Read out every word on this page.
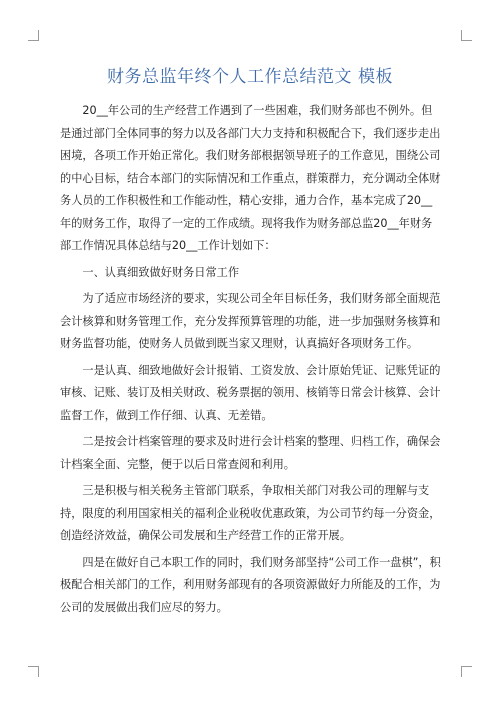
财务总监年终个人工作总结范文 模板

20__年公司的生产经营工作遇到了一些困难，我们财务部也不例外。但是通过部门全体同事的努力以及各部门大力支持和积极配合下，我们逐步走出困境，各项工作开始正常化。我们财务部根据领导班子的工作意见，围绕公司的中心目标，结合本部门的实际情况和工作重点，群策群力，充分调动全体财务人员的工作积极性和工作能动性，精心安排，通力合作，基本完成了20__年的财务工作，取得了一定的工作成绩。现将我作为财务部总监20__年财务部工作情况具体总结与20__工作计划如下：

一、认真细致做好财务日常工作

为了适应市场经济的要求，实现公司全年目标任务，我们财务部全面规范会计核算和财务管理工作，充分发挥预算管理的功能，进一步加强财务核算和财务监督功能，使财务人员做到既当家又理财，认真搞好各项财务工作。

一是认真、细致地做好会计报销、工资发放、会计原始凭证、记账凭证的审核、记账、装订及相关财政、税务票据的领用、核销等日常会计核算、会计监督工作，做到工作仔细、认真、无差错。

二是按会计档案管理的要求及时进行会计档案的整理、归档工作，确保会计档案全面、完整，便于以后日常查阅和利用。

三是积极与相关税务主管部门联系，争取相关部门对我公司的理解与支持，限度的利用国家相关的福利企业税收优惠政策，为公司节约每一分资金，创造经济效益，确保公司发展和生产经营工作的正常开展。

四是在做好自己本职工作的同时，我们财务部坚持“公司工作一盘棋”，积极配合相关部门的工作，利用财务部现有的各项资源做好力所能及的工作，为公司的发展做出我们应尽的努力。
